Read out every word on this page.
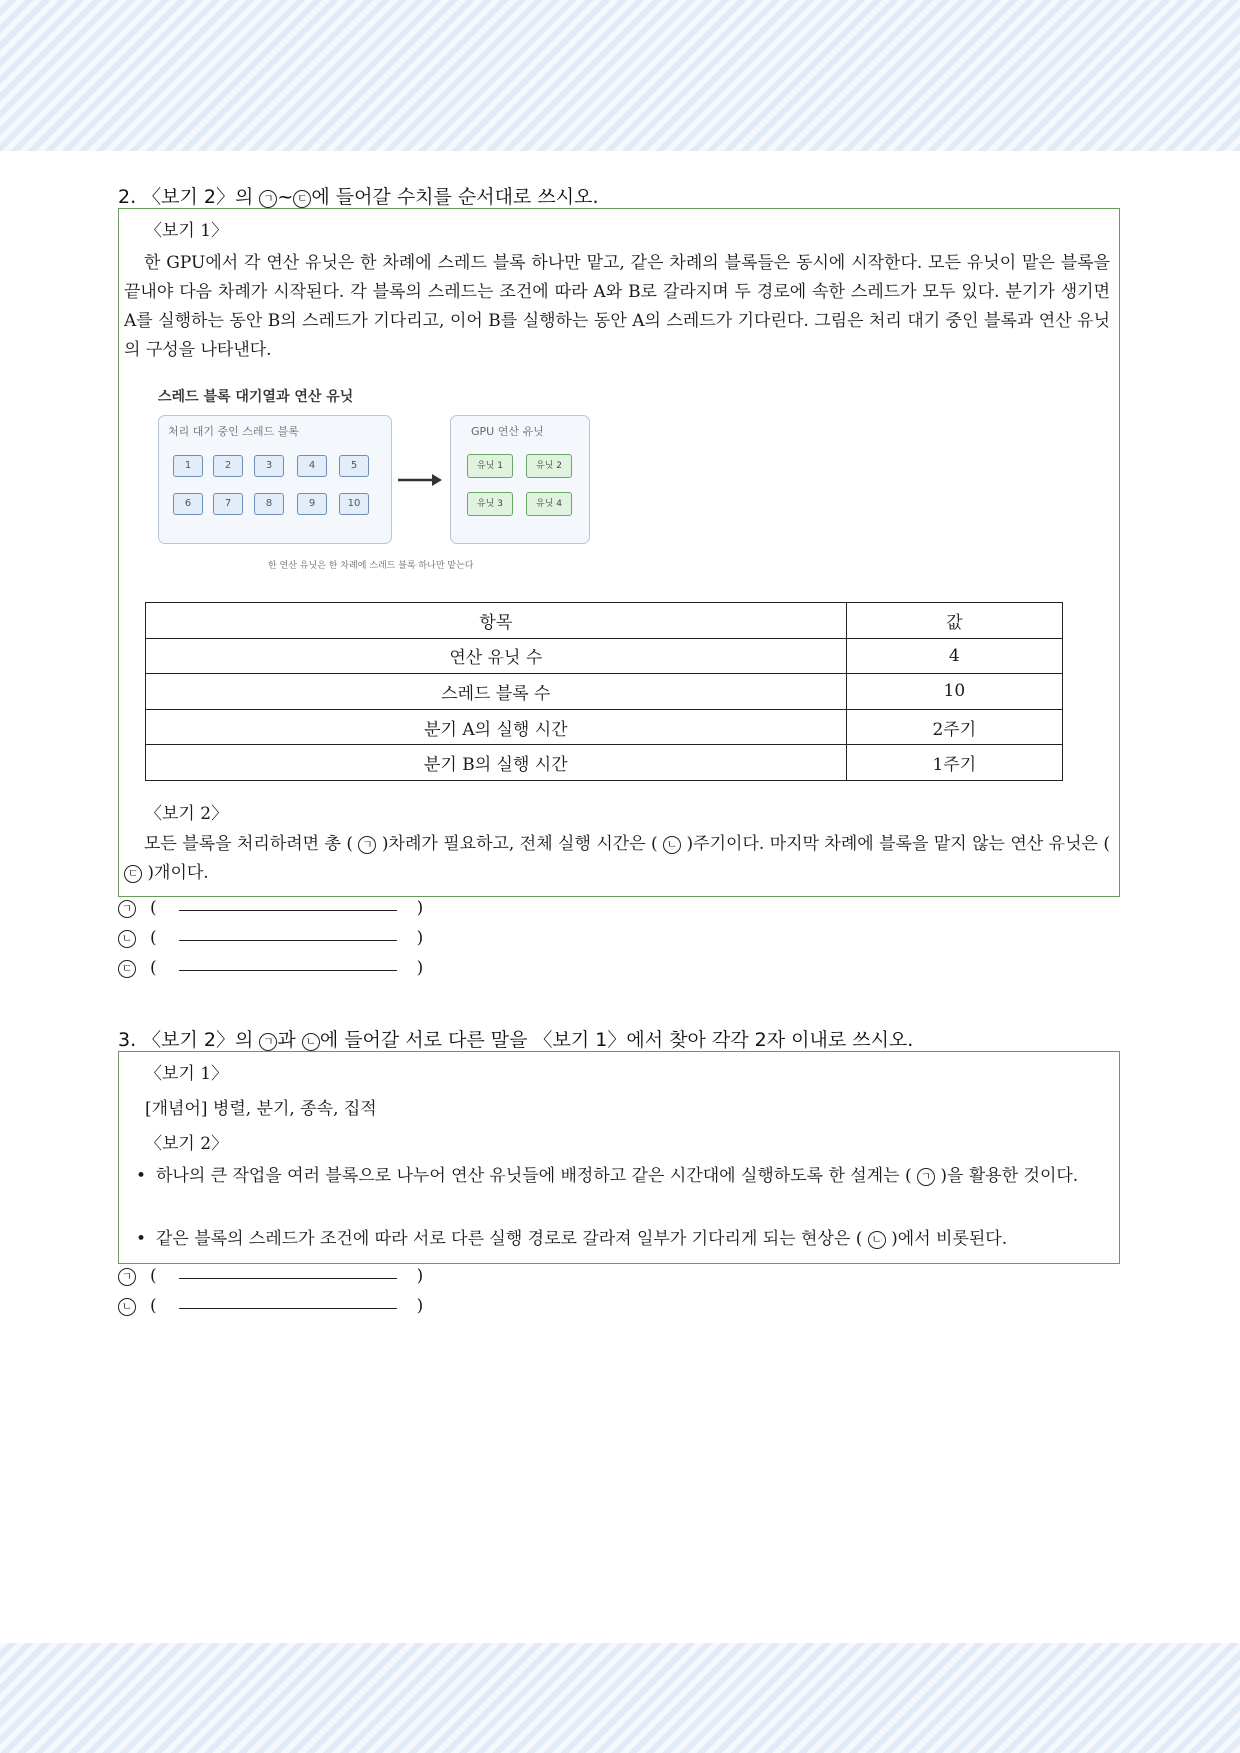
2. 〈보기 2〉의 ㄱ ~ ㄷ 에 들어갈 수치를 순서대로 쓰시오.
〈보기 1〉
한 GPU에서 각 연산 유닛은 한 차례에 스레드 블록 하나만 맡고, 같은 차례의 블록들은 동시에 시작한다. 모든 유닛이 맡은 블록을 끝내야 다음 차례가 시작된다. 각 블록의 스레드는 조건에 따라 A와 B로 갈라지며 두 경로에 속한 스레드가 모두 있다. 분기가 생기면 A를 실행하는 동안 B의 스레드가 기다리고, 이어 B를 실행하는 동안 A의 스레드가 기다린다. 그림은 처리 대기 중인 블록과 연산 유닛의 구성을 나타낸다.
스레드 블록 대기열과 연산 유닛
처리 대기 중인 스레드 블록
1	2	3	4	5
6	7	8	9	10
GPU 연산 유닛
유닛 1	유닛 2
유닛 3	유닛 4
한 연산 유닛은 한 차례에 스레드 블록 하나만 맡는다
항목	값
연산 유닛 수	4
스레드 블록 수	10
분기 A의 실행 시간	2주기
분기 B의 실행 시간	1주기
〈보기 2〉
모든 블록을 처리하려면 총 ( ㄱ )차례가 필요하고, 전체 실행 시간은 ( ㄴ )주기이다. 마지막 차례에 블록을 맡지 않는 연산 유닛은 ( ㄷ )개이다.
ㄱ (	)
ㄴ (	)
ㄷ (	)
3. 〈보기 2〉의 ㄱ 과 ㄴ 에 들어갈 서로 다른 말을 〈보기 1〉에서 찾아 각각 2자 이내로 쓰시오.
〈보기 1〉
[개념어] 병렬, 분기, 종속, 집적
〈보기 2〉
• 하나의 큰 작업을 여러 블록으로 나누어 연산 유닛들에 배정하고 같은 시간대에 실행하도록 한 설계는 ( ㄱ )을 활용한 것이다.
• 같은 블록의 스레드가 조건에 따라 서로 다른 실행 경로로 갈라져 일부가 기다리게 되는 현상은 ( ㄴ )에서 비롯된다.
ㄱ (	)
ㄴ (	)
